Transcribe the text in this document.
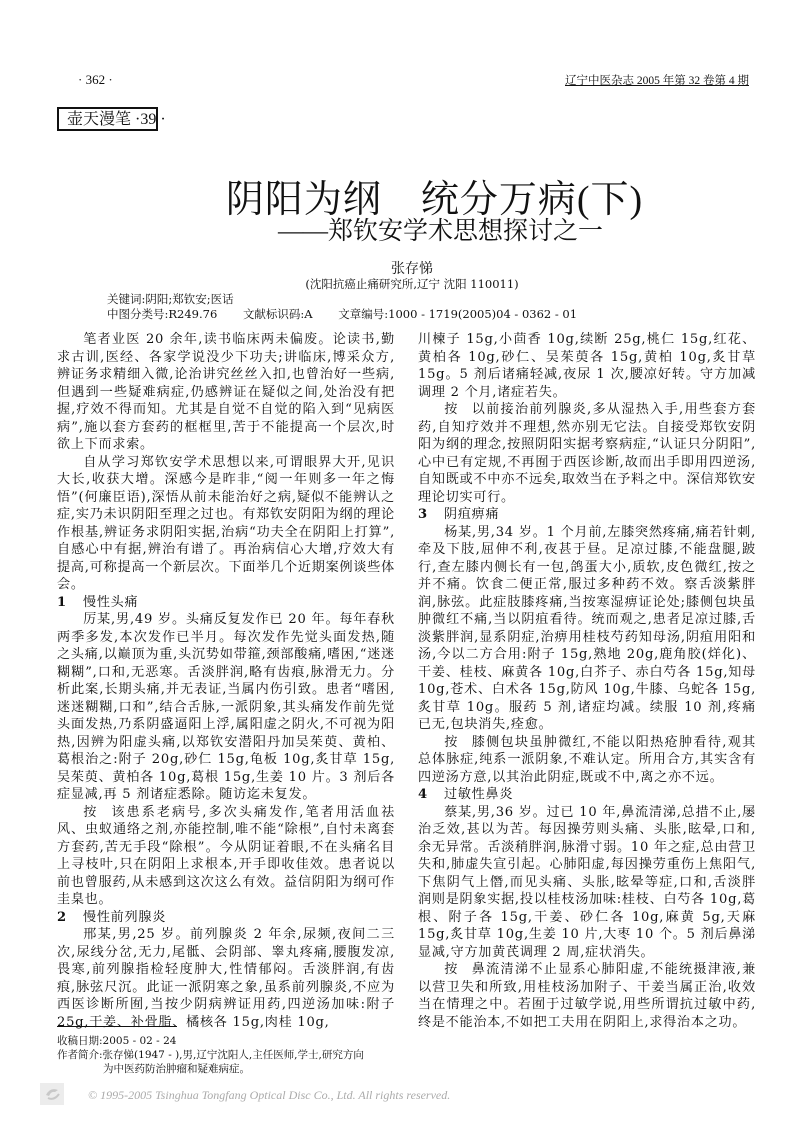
· 362 ·	辽宁中医杂志 2005 年第 32 卷第 4 期
壶天漫笔 ·39 ·
阴阳为纲　统分万病(下)
——郑钦安学术思想探讨之一
张存悌
(沈阳抗癌止痛研究所,辽宁 沈阳 110011)
关键词:阴阳;郑钦安;医话
中图分类号:R249.76 文献标识码:A 文章编号:1000 - 1719(2005)04 - 0362 - 01

笔者业医 20 余年,读书临床两未偏废。论读书,勤求古训,医经、各家学说没少下功夫;讲临床,博采众方,辨证务求精细入微,论治讲究丝丝入扣,也曾治好一些病,但遇到一些疑难病症,仍感辨证在疑似之间,处治没有把握,疗效不得而知。尤其是自觉不自觉的陷入到“见病医病”,施以套方套药的框框里,苦于不能提高一个层次,时欲上下而求索。

自从学习郑钦安学术思想以来,可谓眼界大开,见识大长,收获大增。深感今是昨非,“阅一年则多一年之悔悟”(何廉臣语),深悟从前未能治好之病,疑似不能辨认之症,实乃未识阴阳至理之过也。有郑钦安阴阳为纲的理论作根基,辨证务求阴阳实据,治病“功夫全在阴阳上打算”,自感心中有据,辨治有谱了。再治病信心大增,疗效大有提高,可称提高一个新层次。下面举几个近期案例谈些体会。

1 慢性头痛

厉某,男,49 岁。头痛反复发作已 20 年。每年春秋两季多发,本次发作已半月。每次发作先觉头面发热,随之头痛,以巅顶为重,头沉势如带箍,颈部酸痛,嗜困,“迷迷糊糊”,口和,无恶寒。舌淡胖润,略有齿痕,脉滑无力。分析此案,长期头痛,并无表证,当属内伤引致。患者“嗜困,迷迷糊糊,口和”,结合舌脉,一派阴象,其头痛发作前先觉头面发热,乃系阴盛逼阳上浮,属阳虚之阴火,不可视为阳热,因辨为阳虚头痛,以郑钦安潜阳丹加吴茱萸、黄柏、葛根治之:附子 20g,砂仁 15g,龟板 10g,炙甘草 15g,吴茱萸、黄柏各 10g,葛根 15g,生姜 10 片。3 剂后各症显减,再 5 剂诸症悉除。随访迄未复发。

按 该患系老病号,多次头痛发作,笔者用活血祛风、虫蚁通络之剂,亦能控制,唯不能“除根”,自忖未离套方套药,苦无手段“除根”。今从阴证着眼,不在头痛名目上寻枝叶,只在阴阳上求根本,开手即收佳效。患者说以前也曾服药,从未感到这次这么有效。益信阴阳为纲可作圭臬也。

2 慢性前列腺炎

邢某,男,25 岁。前列腺炎 2 年余,尿频,夜间二三次,尿线分岔,无力,尾骶、会阴部、睾丸疼痛,腰腹发凉,畏寒,前列腺指检轻度肿大,性情郁闷。舌淡胖润,有齿痕,脉弦尺沉。此证一派阴寒之象,虽系前列腺炎,不应为西医诊断所囿,当按少阴病辨证用药,四逆汤加味:附子 25g,干姜、补骨脂、橘核各 15g,肉桂 10g,

川楝子 15g,小茴香 10g,续断 25g,桃仁 15g,红花、黄柏各 10g,砂仁、吴茱萸各 15g,黄柏 10g,炙甘草 15g。5 剂后诸痛轻减,夜尿 1 次,腰凉好转。守方加减调理 2 个月,诸症若失。

按 以前接治前列腺炎,多从湿热入手,用些套方套药,自知疗效并不理想,然亦别无它法。自接受郑钦安阴阳为纲的理念,按照阴阳实据考察病症,“认证只分阴阳”,心中已有定规,不再囿于西医诊断,故而出手即用四逆汤,自知既或不中亦不远矣,取效当在予料之中。深信郑钦安理论切实可行。

3 阴疽痹痛

杨某,男,34 岁。1 个月前,左膝突然疼痛,痛若针刺,牵及下肢,屈伸不利,夜甚于昼。足凉过膝,不能盘腿,跛行,查左膝内侧长有一包,鸽蛋大小,质软,皮色微红,按之并不痛。饮食二便正常,服过多种药不效。察舌淡紫胖润,脉弦。此症肢膝疼痛,当按寒湿痹证论处;膝侧包块虽肿微红不痛,当以阴疽看待。统而观之,患者足凉过膝,舌淡紫胖润,显系阴症,治痹用桂枝芍药知母汤,阴疽用阳和汤,今以二方合用:附子 15g,熟地 20g,鹿角胶(烊化)、干姜、桂枝、麻黄各 10g,白芥子、赤白芍各 15g,知母 10g,苍术、白术各 15g,防风 10g,牛膝、乌蛇各 15g,炙甘草 10g。服药 5 剂,诸症均减。续服 10 剂,疼痛已无,包块消失,痊愈。

按 膝侧包块虽肿微红,不能以阳热疮肿看待,观其总体脉症,纯系一派阴象,不难认定。所用合方,其实含有四逆汤方意,以其治此阴症,既或不中,离之亦不远。

4 过敏性鼻炎

蔡某,男,36 岁。过已 10 年,鼻流清涕,总措不止,屡治乏效,甚以为苦。每因操劳则头痛、头胀,眩晕,口和,余无异常。舌淡稍胖润,脉滑寸弱。10 年之症,总由营卫失和,肺虚失宣引起。心肺阳虚,每因操劳重伤上焦阳气,下焦阴气上僭,而见头痛、头胀,眩晕等症,口和,舌淡胖润则是阴象实据,投以桂枝汤加味:桂枝、白芍各 10g,葛根、附子各 15g,干姜、砂仁各 10g,麻黄 5g,天麻 15g,炙甘草 10g,生姜 10 片,大枣 10 个。5 剂后鼻涕显减,守方加黄芪调理 2 周,症状消失。

按 鼻流清涕不止显系心肺阳虚,不能统摄津液,兼以营卫失和所致,用桂枝汤加附子、干姜当属正治,收效当在情理之中。若囿于过敏学说,用些所谓抗过敏中药,终是不能治本,不如把工夫用在阴阳上,求得治本之功。

收稿日期:2005 - 02 - 24
作者简介:张存悌(1947 - ),男,辽宁沈阳人,主任医师,学士,研究方向
为中医药防治肿瘤和疑难病症。
© 1995-2005 Tsinghua Tongfang Optical Disc Co., Ltd. All rights reserved.
